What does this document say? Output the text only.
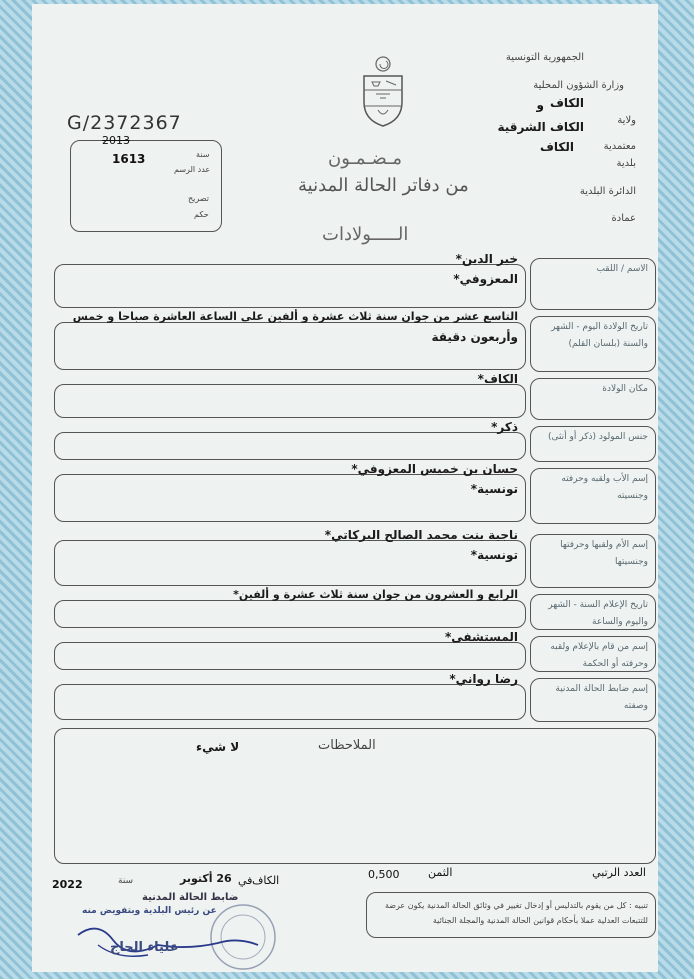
الجمهورية التونسية
وزارة الشؤون المحلية
و
ولاية
الكاف
معتمدية
الكاف الشرقية
بلدية
الكاف
الدائرة البلدية
عمادة
G/2372367
2013
1613	سنة
عدد الرسم
تصريح
حكم
مـضـمـون
من دفاتر الحالة المدنية
الـــــولادات
الاسم / اللقب
خير الدين*
المعزوفي*
تاريخ الولادة اليوم - الشهر والسنة (بلسان القلم)
التاسع عشر من جوان سنة ثلاث عشرة و ألفين على الساعة العاشرة صباحا و خمس
وأربعون دقيقة
مكان الولادة
الكاف*
جنس المولود (ذكر أو أنثى)
ذكر*
إسم الأب ولقبه وحرفته وجنسيته
حسان بن خميس المعزوفي*
تونسية*
إسم الأم ولقبها وحرفتها وجنسيتها
ناجية بنت محمد الصالح البركاتي*
تونسية*
تاريخ الإعلام السنة - الشهر واليوم والساعة
الرابع و العشرون من جوان سنة ثلاث عشرة و ألفين*
إسم من قام بالإعلام ولقبه وحرفته أو الحكمة
المستشفى*
إسم ضابط الحالة المدنية وصفته
رضا رواني*
الملاحظات
لا شيء
العدد الرتبي
الثمن
0,500
الكاف
في
26 أكتوبر
سنة
2022
تنبيه : كل من يقوم بالتدليس أو إدخال تغيير في وثائق الحالة المدنية يكون عرضة للتتبعات العدلية عملا بأحكام قوانين الحالة المدنية والمجلة الجنائية
ضابط الحالة المدنية
عن رئيس البلدية وبتفويض منه
علياء الحاج
